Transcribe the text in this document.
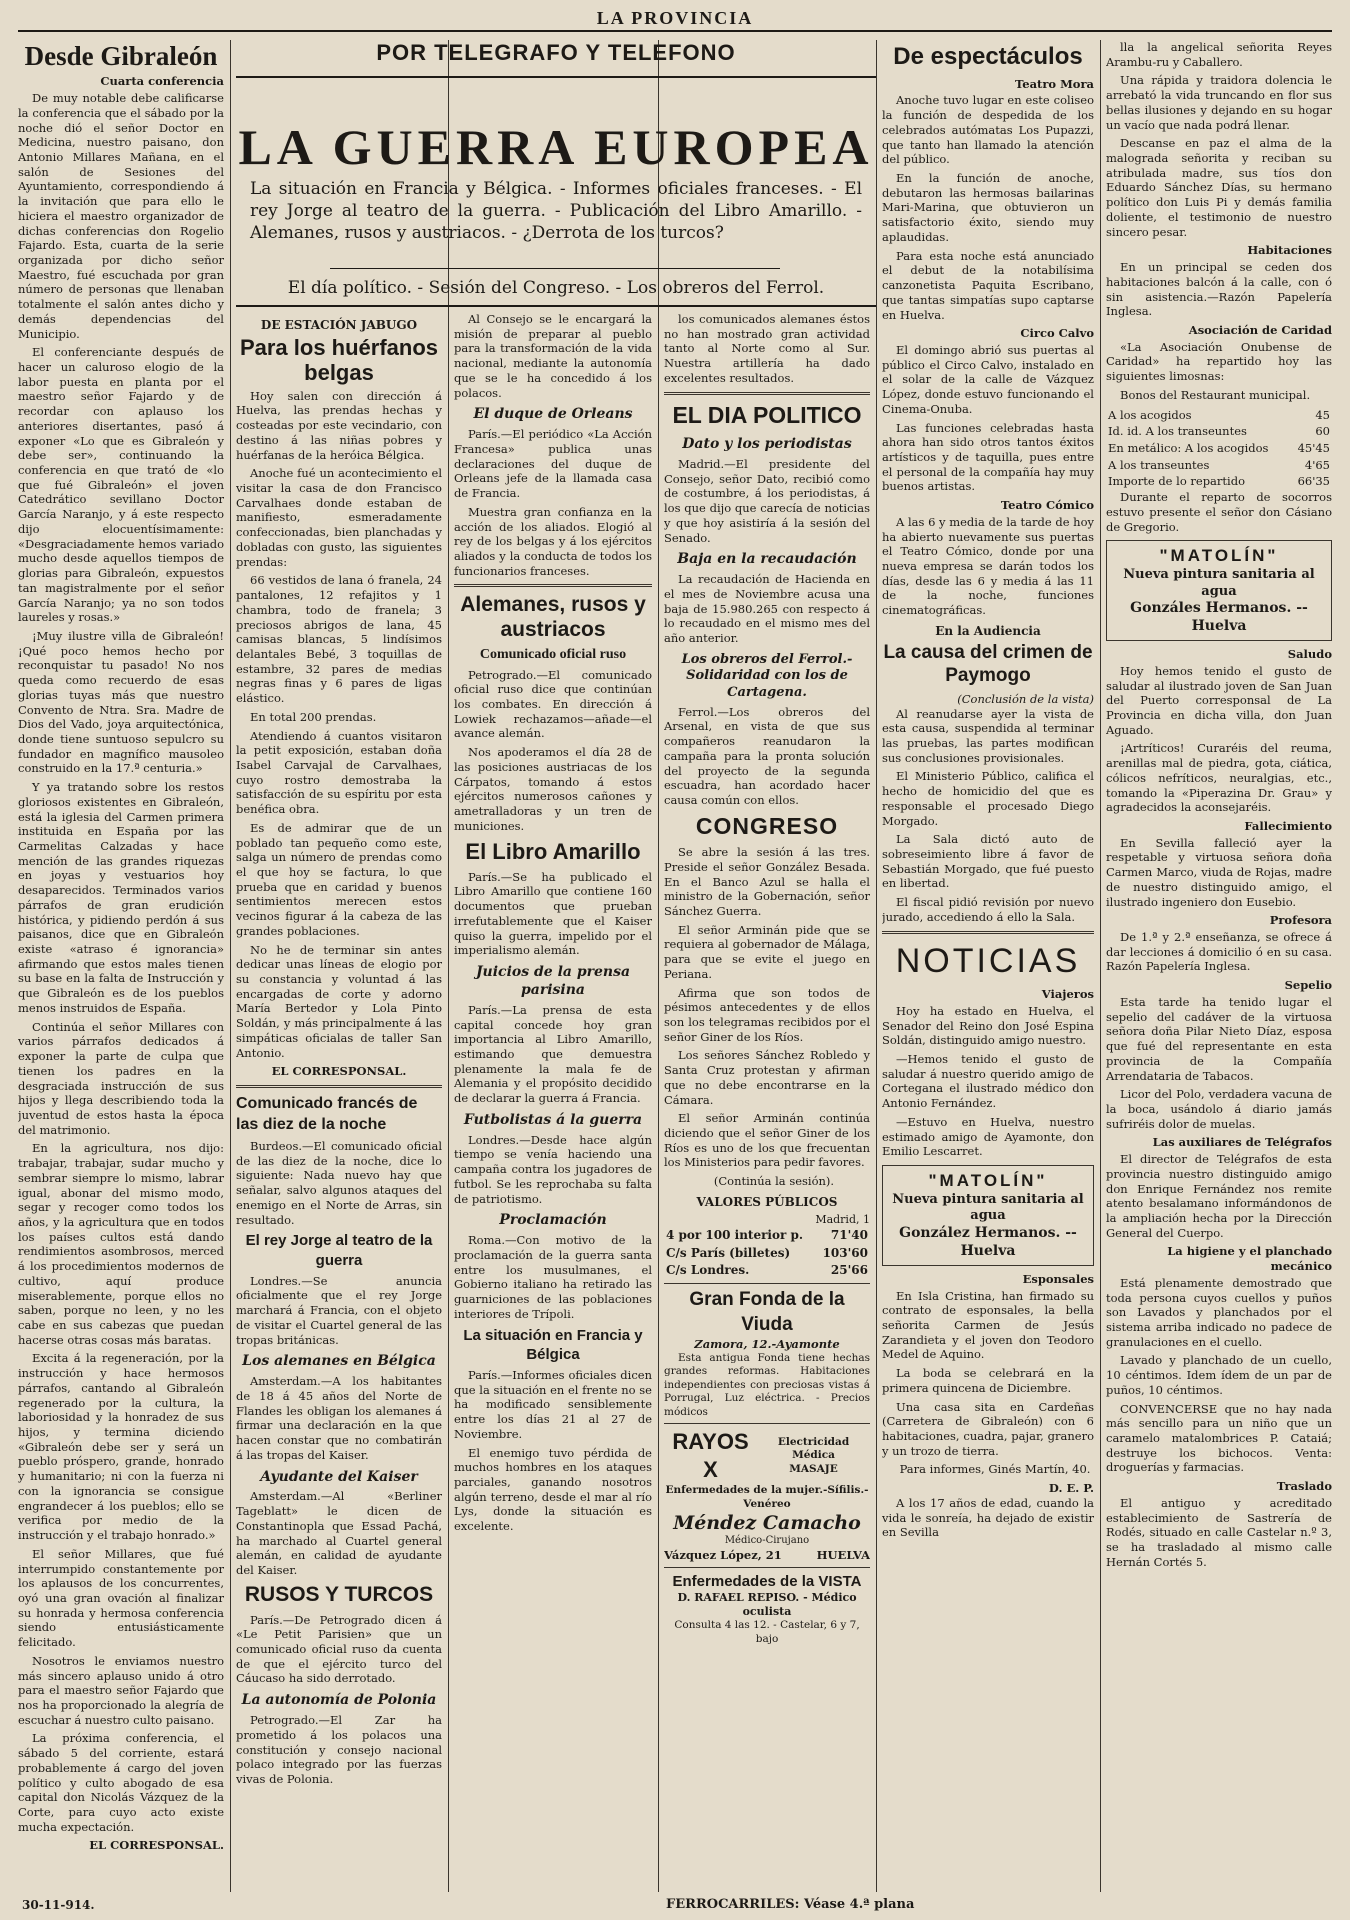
LA PROVINCIA
POR TELEGRAFO Y TELEFONO
LA GUERRA EUROPEA
La situación en Francia y Bélgica. - Informes oficiales franceses. - El rey Jorge al teatro de la guerra. - Publicación del Libro Amarillo. - Alemanes, rusos y austriacos. - ¿Derrota de los turcos?
El día político. - Sesión del Congreso. - Los obreros del Ferrol.
Desde Gibraleón
Cuarta conferencia

De muy notable debe calificarse la conferencia que el sábado por la noche dió el señor Doctor en Medicina, nuestro paisano, don Antonio Millares Mañana, en el salón de Sesiones del Ayuntamiento, correspondiendo á la invitación que para ello le hiciera el maestro organizador de dichas conferencias don Rogelio Fajardo. Esta, cuarta de la serie organizada por dicho señor Maestro, fué escuchada por gran número de personas que llenaban totalmente el salón antes dicho y demás dependencias del Municipio.

El conferenciante después de hacer un caluroso elogio de la labor puesta en planta por el maestro señor Fajardo y de recordar con aplauso los anteriores disertantes, pasó á exponer «Lo que es Gibraleón y debe ser», continuando la conferencia en que trató de «lo que fué Gibraleón» el joven Catedrático sevillano Doctor García Naranjo, y á este respecto dijo elocuentísimamente: «Desgraciadamente hemos variado mucho desde aquellos tiempos de glorias para Gibraleón, expuestos tan magistralmente por el señor García Naranjo; ya no son todos laureles y rosas.»

¡Muy ilustre villa de Gibraleón! ¡Qué poco hemos hecho por reconquistar tu pasado! No nos queda como recuerdo de esas glorias tuyas más que nuestro Convento de Ntra. Sra. Madre de Dios del Vado, joya arquitectónica, donde tiene suntuoso sepulcro su fundador en magnífico mausoleo construido en la 17.ª centuria.»

Y ya tratando sobre los restos gloriosos existentes en Gibraleón, está la iglesia del Carmen primera instituida en España por las Carmelitas Calzadas y hace mención de las grandes riquezas en joyas y vestuarios hoy desaparecidos. Terminados varios párrafos de gran erudición histórica, y pidiendo perdón á sus paisanos, dice que en Gibraleón existe «atraso é ignorancia» afirmando que estos males tienen su base en la falta de Instrucción y que Gibraleón es de los pueblos menos instruidos de España.

Continúa el señor Millares con varios párrafos dedicados á exponer la parte de culpa que tienen los padres en la desgraciada instrucción de sus hijos y llega describiendo toda la juventud de estos hasta la época del matrimonio.

En la agricultura, nos dijo: trabajar, trabajar, sudar mucho y sembrar siempre lo mismo, labrar igual, abonar del mismo modo, segar y recoger como todos los años, y la agricultura que en todos los países cultos está dando rendimientos asombrosos, merced á los procedimientos modernos de cultivo, aquí produce miserablemente, porque ellos no saben, porque no leen, y no les cabe en sus cabezas que puedan hacerse otras cosas más baratas.

Excita á la regeneración, por la instrucción y hace hermosos párrafos, cantando al Gibraleón regenerado por la cultura, la laboriosidad y la honradez de sus hijos, y termina diciendo «Gibraleón debe ser y será un pueblo próspero, grande, honrado y humanitario; ni con la fuerza ni con la ignorancia se consigue engrandecer á los pueblos; ello se verifica por medio de la instrucción y el trabajo honrado.»

El señor Millares, que fué interrumpido constantemente por los aplausos de los concurrentes, oyó una gran ovación al finalizar su honrada y hermosa conferencia siendo entusiásticamente felicitado.

Nosotros le enviamos nuestro más sincero aplauso unido á otro para el maestro señor Fajardo que nos ha proporcionado la alegría de escuchar á nuestro culto paisano.

La próxima conferencia, el sábado 5 del corriente, estará probablemente á cargo del joven político y culto abogado de esa capital don Nicolás Vázquez de la Corte, para cuyo acto existe mucha expectación.

EL CORRESPONSAL.
30-11-914.
DE ESTACIÓN JABUGO
Para los huérfanos belgas

Hoy salen con dirección á Huelva, las prendas hechas y costeadas por este vecindario, con destino á las niñas pobres y huérfanas de la heróica Bélgica.

Anoche fué un acontecimiento el visitar la casa de don Francisco Carvalhaes donde estaban de manifiesto, esmeradamente confeccionadas, bien planchadas y dobladas con gusto, las siguientes prendas:

66 vestidos de lana ó franela, 24 pantalones, 12 refajitos y 1 chambra, todo de franela; 3 preciosos abrigos de lana, 45 camisas blancas, 5 lindísimos delantales Bebé, 3 toquillas de estambre, 32 pares de medias negras finas y 6 pares de ligas elástico.

En total 200 prendas.

Atendiendo á cuantos visitaron la petit exposición, estaban doña Isabel Carvajal de Carvalhaes, cuyo rostro demostraba la satisfacción de su espíritu por esta benéfica obra.

Es de admirar que de un poblado tan pequeño como este, salga un número de prendas como el que hoy se factura, lo que prueba que en caridad y buenos sentimientos merecen estos vecinos figurar á la cabeza de las grandes poblaciones.

No he de terminar sin antes dedicar unas líneas de elogio por su constancia y voluntad á las encargadas de corte y adorno María Bertedor y Lola Pinto Soldán, y más principalmente á las simpáticas oficialas de taller San Antonio.

EL CORRESPONSAL.
Comunicado francés de las diez de la noche

Burdeos.—El comunicado oficial de las diez de la noche, dice lo siguiente: Nada nuevo hay que señalar, salvo algunos ataques del enemigo en el Norte de Arras, sin resultado.

El rey Jorge al teatro de la guerra

Londres.—Se anuncia oficialmente que el rey Jorge marchará á Francia, con el objeto de visitar el Cuartel general de las tropas británicas.

Los alemanes en Bélgica

Amsterdam.—A los habitantes de 18 á 45 años del Norte de Flandes les obligan los alemanes á firmar una declaración en la que hacen constar que no combatirán á las tropas del Kaiser.

Ayudante del Kaiser

Amsterdam.—Al «Berliner Tageblatt» le dicen de Constantinopla que Essad Pachá, ha marchado al Cuartel general alemán, en calidad de ayudante del Kaiser.

RUSOS Y TURCOS

París.—De Petrogrado dicen á «Le Petit Parisien» que un comunicado oficial ruso da cuenta de que el ejército turco del Cáucaso ha sido derrotado.

La autonomía de Polonia

Petrogrado.—El Zar ha prometido á los polacos una constitución y consejo nacional polaco integrado por las fuerzas vivas de Polonia.

Al Consejo se le encargará la misión de preparar al pueblo para la transformación de la vida nacional, mediante la autonomía que se le ha concedido á los polacos.

El duque de Orleans

París.—El periódico «La Acción Francesa» publica unas declaraciones del duque de Orleans jefe de la llamada casa de Francia.

Muestra gran confianza en la acción de los aliados. Elogió al rey de los belgas y á los ejércitos aliados y la conducta de todos los funcionarios franceses.

Alemanes, rusos y austriacos
Comunicado oficial ruso

Petrogrado.—El comunicado oficial ruso dice que continúan los combates. En dirección á Lowiek rechazamos—añade—el avance alemán.

Nos apoderamos el día 28 de las posiciones austriacas de los Cárpatos, tomando á estos ejércitos numerosos cañones y ametralladoras y un tren de municiones.

El Libro Amarillo

París.—Se ha publicado el Libro Amarillo que contiene 160 documentos que prueban irrefutablemente que el Kaiser quiso la guerra, impelido por el imperialismo alemán.

Juicios de la prensa parisina

París.—La prensa de esta capital concede hoy gran importancia al Libro Amarillo, estimando que demuestra plenamente la mala fe de Alemania y el propósito decidido de declarar la guerra á Francia.

Futbolistas á la guerra

Londres.—Desde hace algún tiempo se venía haciendo una campaña contra los jugadores de futbol. Se les reprochaba su falta de patriotismo.

Proclamación

Roma.—Con motivo de la proclamación de la guerra santa entre los musulmanes, el Gobierno italiano ha retirado las guarniciones de las poblaciones interiores de Trípoli.

La situación en Francia y Bélgica

París.—Informes oficiales dicen que la situación en el frente no se ha modificado sensiblemente entre los días 21 al 27 de Noviembre.

El enemigo tuvo pérdida de muchos hombres en los ataques parciales, ganando nosotros algún terreno, desde el mar al río Lys, donde la situación es excelente.

los comunicados alemanes éstos no han mostrado gran actividad tanto al Norte como al Sur. Nuestra artillería ha dado excelentes resultados.

EL DIA POLITICO
Dato y los periodistas

Madrid.—El presidente del Consejo, señor Dato, recibió como de costumbre, á los periodistas, á los que dijo que carecía de noticias y que hoy asistiría á la sesión del Senado.

Baja en la recaudación

La recaudación de Hacienda en el mes de Noviembre acusa una baja de 15.980.265 con respecto á lo recaudado en el mismo mes del año anterior.

Los obreros del Ferrol.-Solidaridad con los de Cartagena.

Ferrol.—Los obreros del Arsenal, en vista de que sus compañeros reanudaron la campaña para la pronta solución del proyecto de la segunda escuadra, han acordado hacer causa común con ellos.

CONGRESO

Se abre la sesión á las tres. Preside el señor González Besada. En el Banco Azul se halla el ministro de la Gobernación, señor Sánchez Guerra.

El señor Arminán pide que se requiera al gobernador de Málaga, para que se evite el juego en Periana.

Afirma que son todos de pésimos antecedentes y de ellos son los telegramas recibidos por el señor Giner de los Ríos.

Los señores Sánchez Robledo y Santa Cruz protestan y afirman que no debe encontrarse en la Cámara.

El señor Arminán continúa diciendo que el señor Giner de los Ríos es uno de los que frecuentan los Ministerios para pedir favores.

(Continúa la sesión).

VALORES PÚBLICOS
Madrid, 1
4 por 100 interior p.	71'40
C/s París (billetes)	103'60
C/s Londres.	25'66
Gran Fonda de la Viuda
Zamora, 12.-Ayamonte

Esta antigua Fonda tiene hechas grandes reformas. Habitaciones independientes con preciosas vistas á Porrugal, Luz eléctrica. - Precios módicos

RAYOS X
Electricidad Médica
MASAJE
Enfermedades de la mujer.-Sífilis.-Venéreo
Méndez Camacho
Médico-Cirujano
Vázquez López, 21	HUELVA
Enfermedades de la VISTA
D. RAFAEL REPISO. - Médico oculista
Consulta 4 las 12. - Castelar, 6 y 7, bajo
FERROCARRILES: Véase 4.ª plana
De espectáculos
Teatro Mora

Anoche tuvo lugar en este coliseo la función de despedida de los celebrados autómatas Los Pupazzi, que tanto han llamado la atención del público.

En la función de anoche, debutaron las hermosas bailarinas Mari-Marina, que obtuvieron un satisfactorio éxito, siendo muy aplaudidas.

Para esta noche está anunciado el debut de la notabilísima canzonetista Paquita Escribano, que tantas simpatías supo captarse en Huelva.

Circo Calvo

El domingo abrió sus puertas al público el Circo Calvo, instalado en el solar de la calle de Vázquez López, donde estuvo funcionando el Cinema-Onuba.

Las funciones celebradas hasta ahora han sido otros tantos éxitos artísticos y de taquilla, pues entre el personal de la compañía hay muy buenos artistas.

Teatro Cómico

A las 6 y media de la tarde de hoy ha abierto nuevamente sus puertas el Teatro Cómico, donde por una nueva empresa se darán todos los días, desde las 6 y media á las 11 de la noche, funciones cinematográficas.

En la Audiencia
La causa del crimen de Paymogo
(Conclusión de la vista)

Al reanudarse ayer la vista de esta causa, suspendida al terminar las pruebas, las partes modifican sus conclusiones provisionales.

El Ministerio Público, califica el hecho de homicidio del que es responsable el procesado Diego Morgado.

La Sala dictó auto de sobreseimiento libre á favor de Sebastián Morgado, que fué puesto en libertad.

El fiscal pidió revisión por nuevo jurado, accediendo á ello la Sala.

NOTICIAS
Viajeros

Hoy ha estado en Huelva, el Senador del Reino don José Espina Soldán, distinguido amigo nuestro.

—Hemos tenido el gusto de saludar á nuestro querido amigo de Cortegana el ilustrado médico don Antonio Fernández.

—Estuvo en Huelva, nuestro estimado amigo de Ayamonte, don Emilio Lescarret.

"MATOLÍN"
Nueva pintura sanitaria al agua
González Hermanos. -- Huelva
Esponsales

En Isla Cristina, han firmado su contrato de esponsales, la bella señorita Carmen de Jesús Zarandieta y el joven don Teodoro Medel de Aquino.

La boda se celebrará en la primera quincena de Diciembre.

Una casa sita en Cardeñas (Carretera de Gibraleón) con 6 habitaciones, cuadra, pajar, granero y un trozo de tierra.

Para informes, Ginés Martín, 40.

D. E. P.

A los 17 años de edad, cuando la vida le sonreía, ha dejado de existir en Sevilla

lla la angelical señorita Reyes Arambu-ru y Caballero.

Una rápida y traidora dolencia le arrebató la vida truncando en flor sus bellas ilusiones y dejando en su hogar un vacío que nada podrá llenar.

Descanse en paz el alma de la malograda señorita y reciban su atribulada madre, sus tíos don Eduardo Sánchez Días, su hermano político don Luis Pi y demás familia doliente, el testimonio de nuestro sincero pesar.

Habitaciones

En un principal se ceden dos habitaciones balcón á la calle, con ó sin asistencia.—Razón Papelería Inglesa.

Asociación de Caridad

«La Asociación Onubense de Caridad» ha repartido hoy las siguientes limosnas:

Bonos del Restaurant municipal.

A los acogidos	45
Id. id. A los transeuntes	60
En metálico: A los acogidos	45'45
A los transeuntes	4'65
Importe de lo repartido	66'35

Durante el reparto de socorros estuvo presente el señor don Cásiano de Gregorio.

"MATOLÍN"
Nueva pintura sanitaria al agua
Gonzáles Hermanos. -- Huelva
Saludo

Hoy hemos tenido el gusto de saludar al ilustrado joven de San Juan del Puerto corresponsal de La Provincia en dicha villa, don Juan Aguado.

¡Artríticos! Curaréis del reuma, arenillas mal de piedra, gota, ciática, cólicos nefríticos, neuralgias, etc., tomando la «Piperazina Dr. Grau» y agradecidos la aconsejaréis.

Fallecimiento

En Sevilla falleció ayer la respetable y virtuosa señora doña Carmen Marco, viuda de Rojas, madre de nuestro distinguido amigo, el ilustrado ingeniero don Eusebio.

Profesora

De 1.ª y 2.ª enseñanza, se ofrece á dar lecciones á domicilio ó en su casa. Razón Papelería Inglesa.

Sepelio

Esta tarde ha tenido lugar el sepelio del cadáver de la virtuosa señora doña Pilar Nieto Díaz, esposa que fué del representante en esta provincia de la Compañía Arrendataria de Tabacos.

Licor del Polo, verdadera vacuna de la boca, usándolo á diario jamás sufriréis dolor de muelas.

Las auxiliares de Telégrafos

El director de Telégrafos de esta provincia nuestro distinguido amigo don Enrique Fernández nos remite atento besalamano informándonos de la ampliación hecha por la Dirección General del Cuerpo.

La higiene y el planchado mecánico

Está plenamente demostrado que toda persona cuyos cuellos y puños son Lavados y planchados por el sistema arriba indicado no padece de granulaciones en el cuello.

Lavado y planchado de un cuello, 10 céntimos. Idem ídem de un par de puños, 10 céntimos.

CONVENCERSE que no hay nada más sencillo para un niño que un caramelo matalombrices P. Cataiá; destruye los bichocos. Venta: droguerías y farmacias.

Traslado

El antiguo y acreditado establecimiento de Sastrería de Rodés, situado en calle Castelar n.º 3, se ha trasladado al mismo calle Hernán Cortés 5.
